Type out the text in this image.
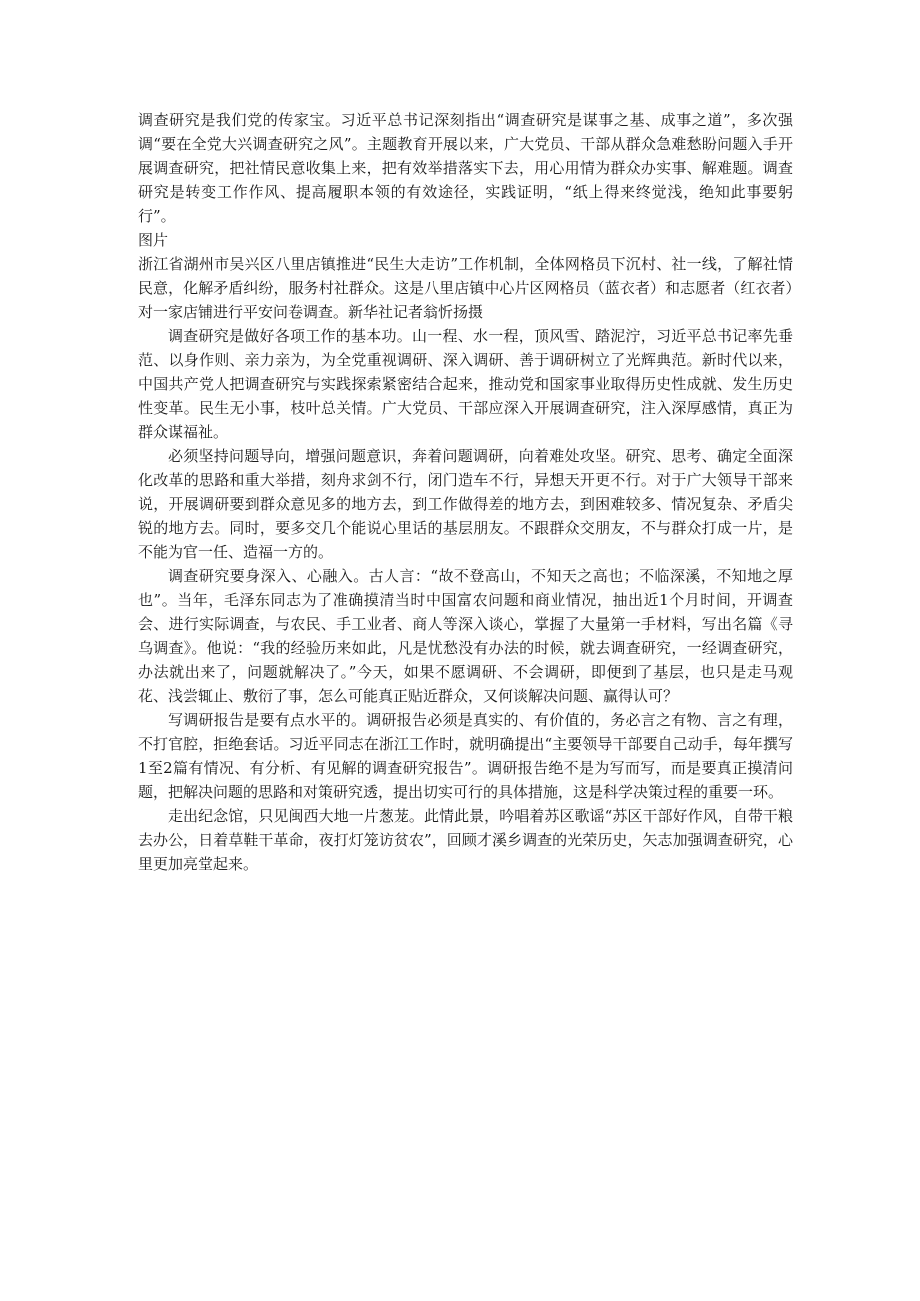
调查研究是我们党的传家宝。习近平总书记深刻指出“调查研究是谋事之基、成事之道”，多次强调“要在全党大兴调查研究之风”。主题教育开展以来，广大党员、干部从群众急难愁盼问题入手开展调查研究，把社情民意收集上来，把有效举措落实下去，用心用情为群众办实事、解难题。调查研究是转变工作作风、提高履职本领的有效途径，实践证明，“纸上得来终觉浅，绝知此事要躬行”。

图片

浙江省湖州市吴兴区八里店镇推进“民生大走访”工作机制，全体网格员下沉村、社一线，了解社情民意，化解矛盾纠纷，服务村社群众。这是八里店镇中心片区网格员（蓝衣者）和志愿者（红衣者）对一家店铺进行平安问卷调查。新华社记者翁忻扬摄

调查研究是做好各项工作的基本功。山一程、水一程，顶风雪、踏泥泞，习近平总书记率先垂范、以身作则、亲力亲为，为全党重视调研、深入调研、善于调研树立了光辉典范。新时代以来，中国共产党人把调查研究与实践探索紧密结合起来，推动党和国家事业取得历史性成就、发生历史性变革。民生无小事，枝叶总关情。广大党员、干部应深入开展调查研究，注入深厚感情，真正为群众谋福祉。

必须坚持问题导向，增强问题意识，奔着问题调研，向着难处攻坚。研究、思考、确定全面深化改革的思路和重大举措，刻舟求剑不行，闭门造车不行，异想天开更不行。对于广大领导干部来说，开展调研要到群众意见多的地方去，到工作做得差的地方去，到困难较多、情况复杂、矛盾尖锐的地方去。同时，要多交几个能说心里话的基层朋友。不跟群众交朋友，不与群众打成一片，是不能为官一任、造福一方的。

调查研究要身深入、心融入。古人言：“故不登高山，不知天之高也；不临深溪，不知地之厚也”。当年，毛泽东同志为了准确摸清当时中国富农问题和商业情况，抽出近1个月时间，开调查会、进行实际调查，与农民、手工业者、商人等深入谈心，掌握了大量第一手材料，写出名篇《寻乌调查》。他说：“我的经验历来如此，凡是忧愁没有办法的时候，就去调查研究，一经调查研究，办法就出来了，问题就解决了。”今天，如果不愿调研、不会调研，即便到了基层，也只是走马观花、浅尝辄止、敷衍了事，怎么可能真正贴近群众，又何谈解决问题、赢得认可？

写调研报告是要有点水平的。调研报告必须是真实的、有价值的，务必言之有物、言之有理，不打官腔，拒绝套话。习近平同志在浙江工作时，就明确提出“主要领导干部要自己动手，每年撰写1至2篇有情况、有分析、有见解的调查研究报告”。调研报告绝不是为写而写，而是要真正摸清问题，把解决问题的思路和对策研究透，提出切实可行的具体措施，这是科学决策过程的重要一环。

走出纪念馆，只见闽西大地一片葱茏。此情此景，吟唱着苏区歌谣“苏区干部好作风，自带干粮去办公，日着草鞋干革命，夜打灯笼访贫农”，回顾才溪乡调查的光荣历史，矢志加强调查研究，心里更加亮堂起来。
